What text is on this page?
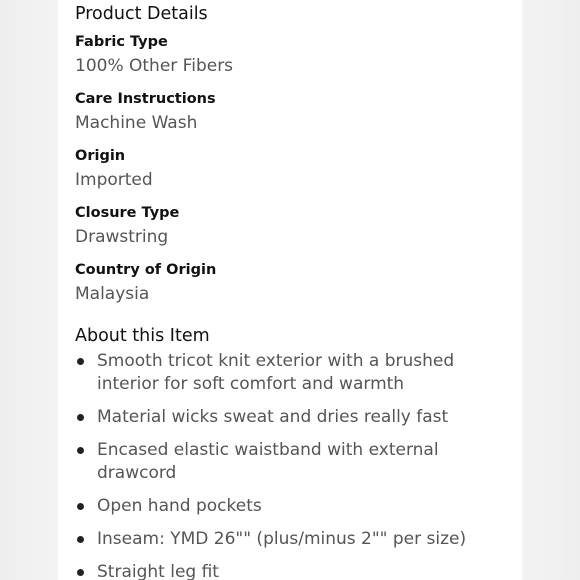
Product Details
Fabric Type
100% Other Fibers
Care Instructions
Machine Wash
Origin
Imported
Closure Type
Drawstring
Country of Origin
Malaysia
About this Item
Smooth tricot knit exterior with a brushed interior for soft comfort and warmth
Material wicks sweat and dries really fast
Encased elastic waistband with external drawcord
Open hand pockets
Inseam: YMD 26"" (plus/minus 2"" per size)
Straight leg fit
